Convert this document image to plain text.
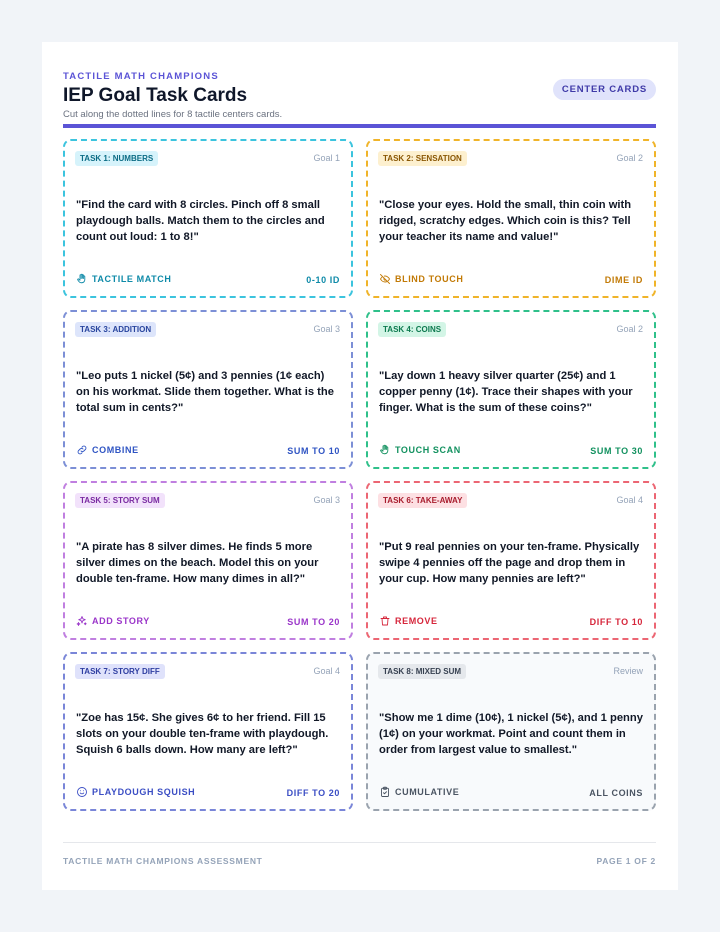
TACTILE MATH CHAMPIONS
IEP Goal Task Cards
Cut along the dotted lines for 8 tactile centers cards.
CENTER CARDS
TASK 1: NUMBERS	Goal 1
"Find the card with 8 circles. Pinch off 8 small playdough balls. Match them to the circles and count out loud: 1 to 8!"
TACTILE MATCH	0-10 ID
TASK 2: SENSATION	Goal 2
"Close your eyes. Hold the small, thin coin with ridged, scratchy edges. Which coin is this? Tell your teacher its name and value!"
BLIND TOUCH	DIME ID
TASK 3: ADDITION	Goal 3
"Leo puts 1 nickel (5¢) and 3 pennies (1¢ each) on his workmat. Slide them together. What is the total sum in cents?"
COMBINE	SUM TO 10
TASK 4: COINS	Goal 2
"Lay down 1 heavy silver quarter (25¢) and 1 copper penny (1¢). Trace their shapes with your finger. What is the sum of these coins?"
TOUCH SCAN	SUM TO 30
TASK 5: STORY SUM	Goal 3
"A pirate has 8 silver dimes. He finds 5 more silver dimes on the beach. Model this on your double ten-frame. How many dimes in all?"
ADD STORY	SUM TO 20
TASK 6: TAKE-AWAY	Goal 4
"Put 9 real pennies on your ten-frame. Physically swipe 4 pennies off the page and drop them in your cup. How many pennies are left?"
REMOVE	DIFF TO 10
TASK 7: STORY DIFF	Goal 4
"Zoe has 15¢. She gives 6¢ to her friend. Fill 15 slots on your double ten-frame with playdough. Squish 6 balls down. How many are left?"
PLAYDOUGH SQUISH	DIFF TO 20
TASK 8: MIXED SUM	Review
"Show me 1 dime (10¢), 1 nickel (5¢), and 1 penny (1¢) on your workmat. Point and count them in order from largest value to smallest."
CUMULATIVE	ALL COINS
TACTILE MATH CHAMPIONS ASSESSMENT	PAGE 1 OF 2
